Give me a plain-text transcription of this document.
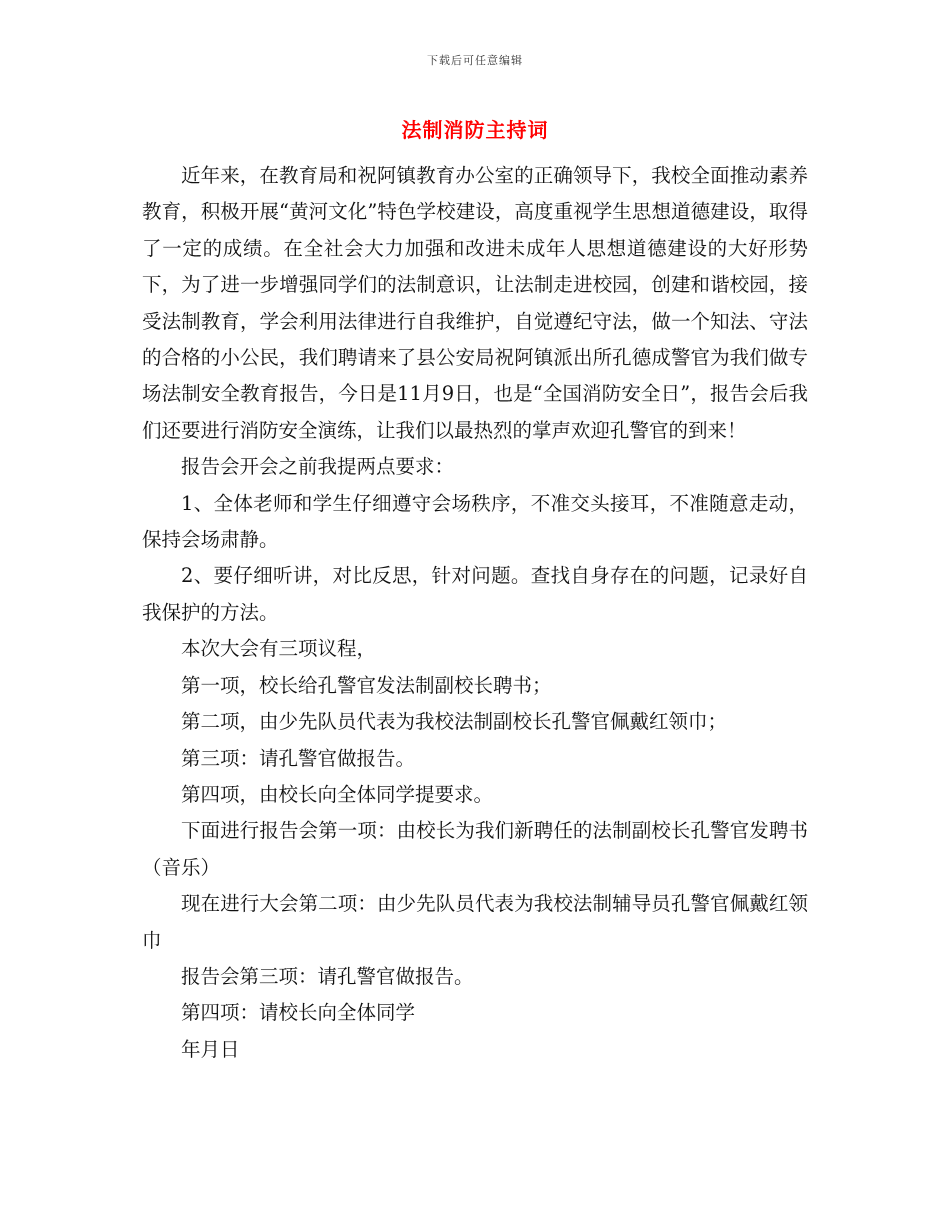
下载后可任意编辑
法制消防主持词

近年来，在教育局和祝阿镇教育办公室的正确领导下，我校全面推动素养教育，积极开展“黄河文化”特色学校建设，高度重视学生思想道德建设，取得了一定的成绩。在全社会大力加强和改进未成年人思想道德建设的大好形势下，为了进一步增强同学们的法制意识，让法制走进校园，创建和谐校园，接受法制教育，学会利用法律进行自我维护，自觉遵纪守法，做一个知法、守法的合格的小公民，我们聘请来了县公安局祝阿镇派出所孔德成警官为我们做专场法制安全教育报告，今日是11月9日，也是“全国消防安全日”，报告会后我们还要进行消防安全演练，让我们以最热烈的掌声欢迎孔警官的到来！

报告会开会之前我提两点要求：

1、全体老师和学生仔细遵守会场秩序，不准交头接耳，不准随意走动，保持会场肃静。

2、要仔细听讲，对比反思，针对问题。查找自身存在的问题，记录好自我保护的方法。

本次大会有三项议程，

第一项，校长给孔警官发法制副校长聘书；

第二项，由少先队员代表为我校法制副校长孔警官佩戴红领巾；

第三项：请孔警官做报告。

第四项，由校长向全体同学提要求。

下面进行报告会第一项：由校长为我们新聘任的法制副校长孔警官发聘书（音乐）

现在进行大会第二项：由少先队员代表为我校法制辅导员孔警官佩戴红领巾

报告会第三项：请孔警官做报告。

第四项：请校长向全体同学

年月日
